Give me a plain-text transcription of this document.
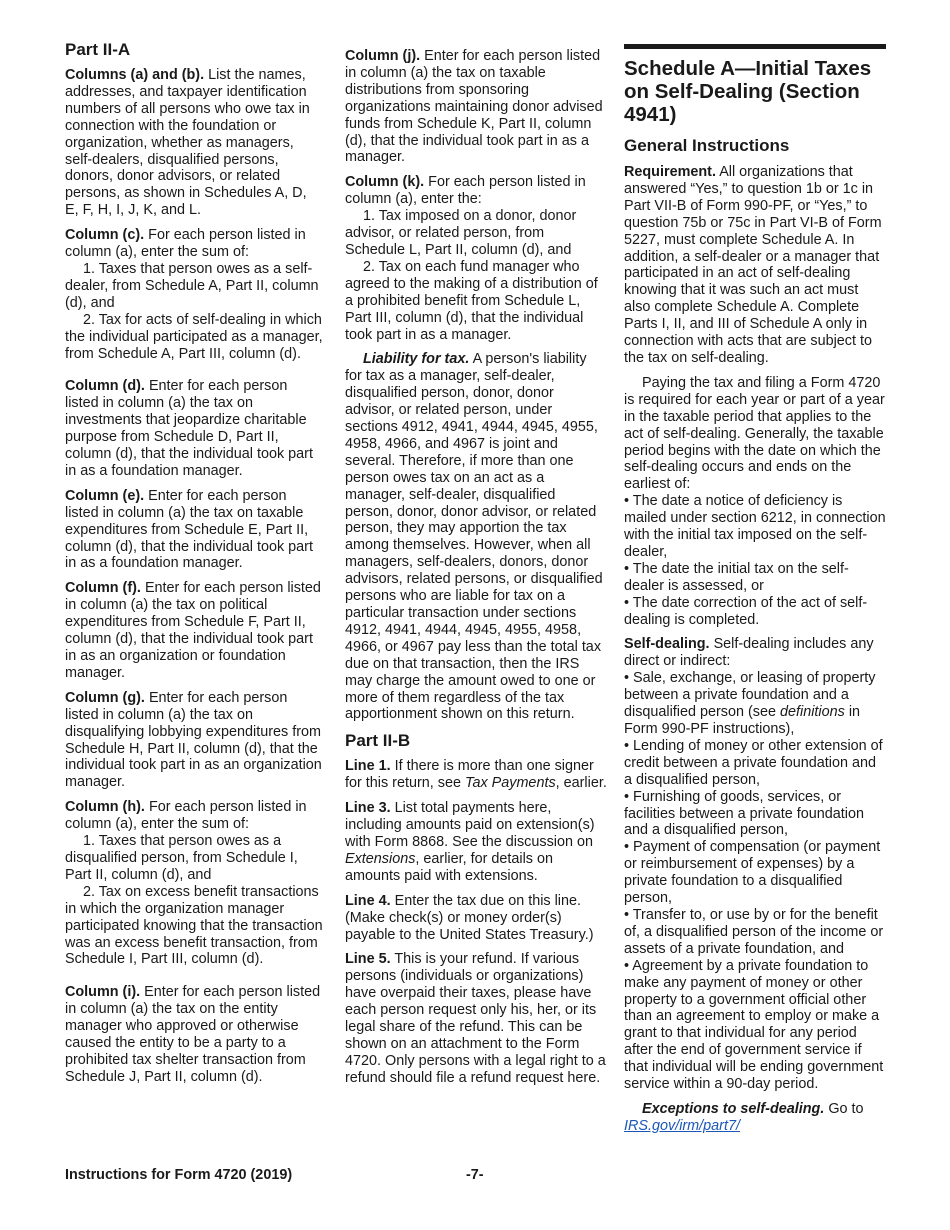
Part II-A

Columns (a) and (b). List the names, addresses, and taxpayer identification numbers of all persons who owe tax in connection with the foundation or organization, whether as managers, self-dealers, disqualified persons, donors, donor advisors, or related persons, as shown in Schedules A, D, E, F, H, I, J, K, and L.

Column (c). For each person listed in column (a), enter the sum of:

1. Taxes that person owes as a self-dealer, from Schedule A, Part II, column (d), and

2. Tax for acts of self-dealing in which the individual participated as a manager, from Schedule A, Part III, column (d).

Column (d). Enter for each person listed in column (a) the tax on investments that jeopardize charitable purpose from Schedule D, Part II, column (d), that the individual took part in as a foundation manager.

Column (e). Enter for each person listed in column (a) the tax on taxable expenditures from Schedule E, Part II, column (d), that the individual took part in as a foundation manager.

Column (f). Enter for each person listed in column (a) the tax on political expenditures from Schedule F, Part II, column (d), that the individual took part in as an organization or foundation manager.

Column (g). Enter for each person listed in column (a) the tax on disqualifying lobbying expenditures from Schedule H, Part II, column (d), that the individual took part in as an organization manager.

Column (h). For each person listed in column (a), enter the sum of:

1. Taxes that person owes as a disqualified person, from Schedule I, Part II, column (d), and

2. Tax on excess benefit transactions in which the organization manager participated knowing that the transaction was an excess benefit transaction, from Schedule I, Part III, column (d).

Column (i). Enter for each person listed in column (a) the tax on the entity manager who approved or otherwise caused the entity to be a party to a prohibited tax shelter transaction from Schedule J, Part II, column (d).

Column (j). Enter for each person listed in column (a) the tax on taxable distributions from sponsoring organizations maintaining donor advised funds from Schedule K, Part II, column (d), that the individual took part in as a manager.

Column (k). For each person listed in column (a), enter the:

1. Tax imposed on a donor, donor advisor, or related person, from Schedule L, Part II, column (d), and

2. Tax on each fund manager who agreed to the making of a distribution of a prohibited benefit from Schedule L, Part III, column (d), that the individual took part in as a manager.

Liability for tax. A person's liability for tax as a manager, self-dealer, disqualified person, donor, donor advisor, or related person, under sections 4912, 4941, 4944, 4945, 4955, 4958, 4966, and 4967 is joint and several. Therefore, if more than one person owes tax on an act as a manager, self-dealer, disqualified person, donor, donor advisor, or related person, they may apportion the tax among themselves. However, when all managers, self-dealers, donors, donor advisors, related persons, or disqualified persons who are liable for tax on a particular transaction under sections 4912, 4941, 4944, 4945, 4955, 4958, 4966, or 4967 pay less than the total tax due on that transaction, then the IRS may charge the amount owed to one or more of them regardless of the tax apportionment shown on this return.

Part II-B

Line 1. If there is more than one signer for this return, see Tax Payments, earlier.

Line 3. List total payments here, including amounts paid on extension(s) with Form 8868. See the discussion on Extensions, earlier, for details on amounts paid with extensions.

Line 4. Enter the tax due on this line. (Make check(s) or money order(s) payable to the United States Treasury.)

Line 5. This is your refund. If various persons (individuals or organizations) have overpaid their taxes, please have each person request only his, her, or its legal share of the refund. This can be shown on an attachment to the Form 4720. Only persons with a legal right to a refund should file a refund request here.

Schedule A—Initial Taxes on Self-Dealing (Section 4941)
General Instructions

Requirement. All organizations that answered “Yes,” to question 1b or 1c in Part VII-B of Form 990-PF, or “Yes,” to question 75b or 75c in Part VI-B of Form 5227, must complete Schedule A. In addition, a self-dealer or a manager that participated in an act of self-dealing knowing that it was such an act must also complete Schedule A. Complete Parts I, II, and III of Schedule A only in connection with acts that are subject to the tax on self-dealing.

Paying the tax and filing a Form 4720 is required for each year or part of a year in the taxable period that applies to the act of self-dealing. Generally, the taxable period begins with the date on which the self-dealing occurs and ends on the earliest of:

• The date a notice of deficiency is mailed under section 6212, in connection with the initial tax imposed on the self-dealer,

• The date the initial tax on the self-dealer is assessed, or

• The date correction of the act of self-dealing is completed.

Self-dealing. Self-dealing includes any direct or indirect:

• Sale, exchange, or leasing of property between a private foundation and a disqualified person (see definitions in Form 990-PF instructions),

• Lending of money or other extension of credit between a private foundation and a disqualified person,

• Furnishing of goods, services, or facilities between a private foundation and a disqualified person,

• Payment of compensation (or payment or reimbursement of expenses) by a private foundation to a disqualified person,

• Transfer to, or use by or for the benefit of, a disqualified person of the income or assets of a private foundation, and

• Agreement by a private foundation to make any payment of money or other property to a government official other than an agreement to employ or make a grant to that individual for any period after the end of government service if that individual will be ending government service within a 90-day period.

Exceptions to self-dealing. Go to
IRS.gov/irm/part7/

Instructions for Form 4720 (2019)	-7-
